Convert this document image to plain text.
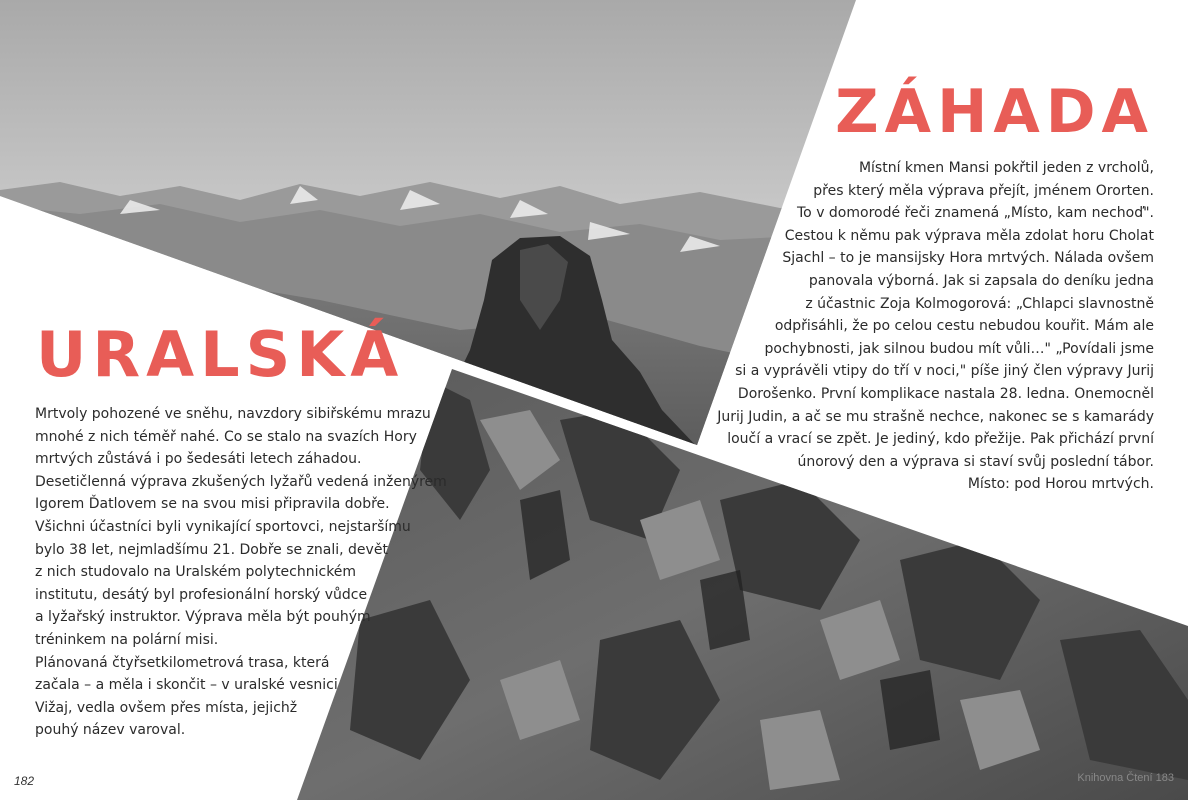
URALSKÁ
ZÁHADA
Mrtvoly pohozené ve sněhu, navzdory sibiřskému mrazu
mnohé z nich téměř nahé. Co se stalo na svazích Hory
mrtvých zůstává i po šedesáti letech záhadou.
Desetičlenná výprava zkušených lyžařů vedená inženýrem
Igorem Ďatlovem se na svou misi připravila dobře.
Všichni účastníci byli vynikající sportovci, nejstaršímu
bylo 38 let, nejmladšímu 21. Dobře se znali, devět
z nich studovalo na Uralském polytechnickém
institutu, desátý byl profesionální horský vůdce
a lyžařský instruktor. Výprava měla být pouhým
tréninkem na polární misi.
Plánovaná čtyřsetkilometrová trasa, která
začala – a měla i skončit – v uralské vesnici
Vižaj, vedla ovšem přes místa, jejichž
pouhý název varoval.
Místní kmen Mansi pokřtil jeden z vrcholů,
přes který měla výprava přejít, jménem Ororten.
To v domorodé řeči znamená „Místo, kam nechoď".
Cestou k němu pak výprava měla zdolat horu Cholat
Sjachl – to je mansijsky Hora mrtvých. Nálada ovšem
panovala výborná. Jak si zapsala do deníku jedna
z účastnic Zoja Kolmogorová: „Chlapci slavnostně
odpřisáhli, že po celou cestu nebudou kouřit. Mám ale
pochybnosti, jak silnou budou mít vůli…" „Povídali jsme
si a vyprávěli vtipy do tří v noci," píše jiný člen výpravy Jurij
Dorošenko. První komplikace nastala 28. ledna. Onemocněl
Jurij Judin, a ač se mu strašně nechce, nakonec se s kamarády
loučí a vrací se zpět. Je jediný, kdo přežije. Pak přichází první
únorový den a výprava si staví svůj poslední tábor.
Místo: pod Horou mrtvých.
182	Knihovna Čtení 183
